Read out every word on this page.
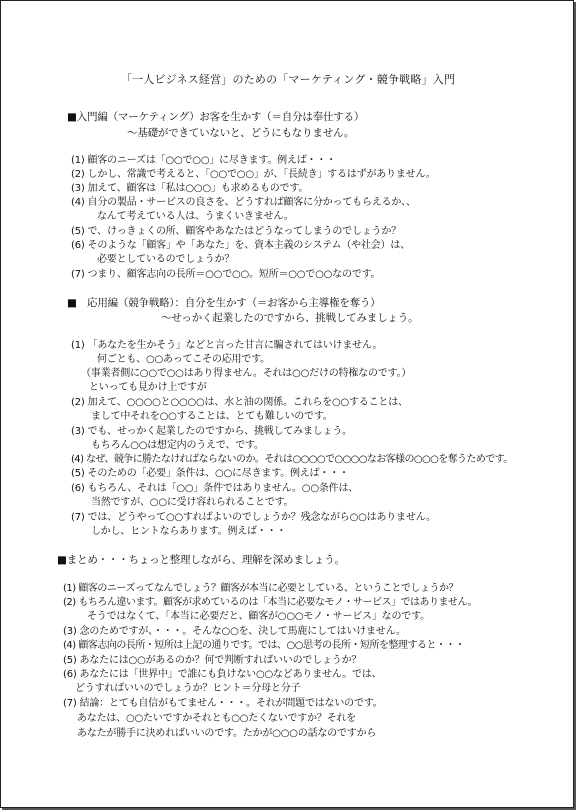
「一人ビジネス経営」のための「マーケティング・競争戦略」入門
■入門編（マーケティング）お客を生かす（＝自分は奉仕する）
〜基礎ができていないと、どうにもなりません。
(1) 顧客のニーズは「○○で○○」に尽きます。例えば・・・
(2) しかし、常識で考えると、「○○で○○」が、「長続き」するはずがありません。
(3) 加えて、顧客は「私は○○○」も求めるものです。
(4) 自分の製品・サービスの良さを、どうすれば顧客に分かってもらえるか、、
なんて考えている人は、うまくいきません。
(5) で、けっきょくの所、顧客やあなたはどうなってしまうのでしょうか？
(6) そのような「顧客」や「あなた」を、資本主義のシステム（や社会）は、
必要としているのでしょうか？
(7) つまり、顧客志向の長所＝○○で○○。短所＝○○で○○なのです。
■　応用編（競争戦略）：自分を生かす（＝お客から主導権を奪う）
〜せっかく起業したのですから、挑戦してみましょう。
(1) 「あなたを生かそう」などと言った甘言に騙されてはいけません。
何ごとも、○○あってこその応用です。
（事業者側に○○で○○はあり得ません。それは○○だけの特権なのです。）
といっても見かけ上ですが
(2) 加えて、○○○○と○○○○は、水と油の関係。これらを○○することは、
まして中それを○○することは、とても難しいのです。
(3) でも、せっかく起業したのですから、挑戦してみましょう。
もちろん○○は想定内のうえで、です。
(4) なぜ、競争に勝たなければならないのか。それは○○○○で○○○○なお客様の○○○を奪うためです。
(5) そのための「必要」条件は、○○に尽きます。例えば・・・
(6) もちろん、それは「○○」条件ではありません。○○条件は、
当然ですが、○○に受け容れられることです。
(7) では、どうやって○○すればよいのでしょうか？残念ながら○○はありません。
しかし、ヒントならあります。例えば・・・
■まとめ・・・ちょっと整理しながら、理解を深めましょう。
(1) 顧客のニーズってなんでしょう？顧客が本当に必要としている、ということでしょうか？
(2) もちろん違います。顧客が求めているのは「本当に必要なモノ・サービス」ではありません。
そうではなくて、「本当に必要だと、顧客が○○○モノ・サービス」なのです。
(3) 念のためですが、・・・。そんな○○を、決して馬鹿にしてはいけません。
(4) 顧客志向の長所・短所は上記の通りです。では、○○思考の長所・短所を整理すると・・・
(5) あなたには○○があるのか？何で判断すればいいのでしょうか？
(6) あなたには「世界中」で誰にも負けない○○などありません。では、
どうすればいいのでしょうか？ヒント＝分母と分子
(7) 結論：とても自信がもてません・・・。それが問題ではないのです。
あなたは、○○たいですかそれとも○○たくないですか？それを
あなたが勝手に決めればいいのです。たかが○○○の話なのですから
